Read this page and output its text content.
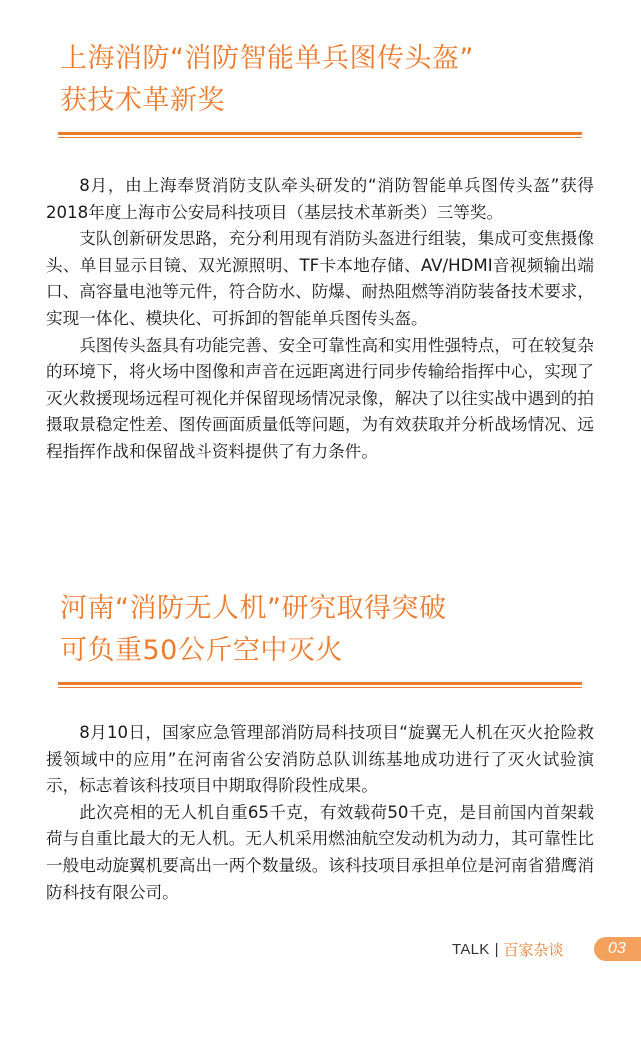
上海消防“消防智能单兵图传头盔”
获技术革新奖

8月，由上海奉贤消防支队牵头研发的“消防智能单兵图传头盔”获得2018年度上海市公安局科技项目（基层技术革新类）三等奖。

支队创新研发思路，充分利用现有消防头盔进行组装，集成可变焦摄像头、单目显示目镜、双光源照明、TF卡本地存储、AV/HDMI音视频输出端口、高容量电池等元件，符合防水、防爆、耐热阻燃等消防装备技术要求，实现一体化、模块化、可拆卸的智能单兵图传头盔。

兵图传头盔具有功能完善、安全可靠性高和实用性强特点，可在较复杂的环境下，将火场中图像和声音在远距离进行同步传输给指挥中心，实现了灭火救援现场远程可视化并保留现场情况录像，解决了以往实战中遇到的拍摄取景稳定性差、图传画面质量低等问题，为有效获取并分析战场情况、远程指挥作战和保留战斗资料提供了有力条件。

河南“消防无人机”研究取得突破
可负重50公斤空中灭火

8月10日，国家应急管理部消防局科技项目“旋翼无人机在灭火抢险救援领域中的应用”在河南省公安消防总队训练基地成功进行了灭火试验演示，标志着该科技项目中期取得阶段性成果。

此次亮相的无人机自重65千克，有效载荷50千克，是目前国内首架载荷与自重比最大的无人机。无人机采用燃油航空发动机为动力，其可靠性比一般电动旋翼机要高出一两个数量级。该科技项目承担单位是河南省猎鹰消防科技有限公司。

TALK | 百家杂谈	03
